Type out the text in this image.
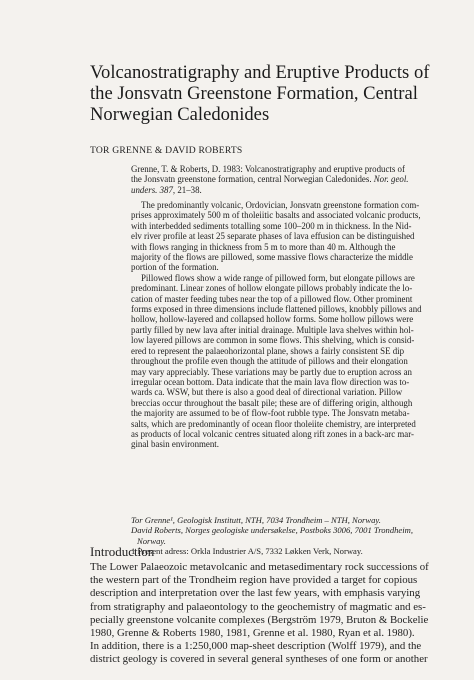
Volcanostratigraphy and Eruptive Products of
the Jonsvatn Greenstone Formation, Central
Norwegian Caledonides
TOR GRENNE & DAVID ROBERTS
Grenne, T. & Roberts, D. 1983: Volcanostratigraphy and eruptive products of
the Jonsvatn greenstone formation, central Norwegian Caledonides. Nor. geol.
unders. 387, 21–38.
The predominantly volcanic, Ordovician, Jonsvatn greenstone formation com-
prises approximately 500 m of tholeiitic basalts and associated volcanic products,
with interbedded sediments totalling some 100–200 m in thickness. In the Nid-
elv river profile at least 25 separate phases of lava effusion can be distinguished
with flows ranging in thickness from 5 m to more than 40 m. Although the
majority of the flows are pillowed, some massive flows characterize the middle
portion of the formation.
Pillowed flows show a wide range of pillowed form, but elongate pillows are
predominant. Linear zones of hollow elongate pillows probably indicate the lo-
cation of master feeding tubes near the top of a pillowed flow. Other prominent
forms exposed in three dimensions include flattened pillows, knobbly pillows and
hollow, hollow-layered and collapsed hollow forms. Some hollow pillows were
partly filled by new lava after initial drainage. Multiple lava shelves within hol-
low layered pillows are common in some flows. This shelving, which is consid-
ered to represent the palaeohorizontal plane, shows a fairly consistent SE dip
throughout the profile even though the attitude of pillows and their elongation
may vary appreciably. These variations may be partly due to eruption across an
irregular ocean bottom. Data indicate that the main lava flow direction was to-
wards ca. WSW, but there is also a good deal of directional variation. Pillow
breccias occur throughout the basalt pile; these are of differing origin, although
the majority are assumed to be of flow-foot rubble type. The Jonsvatn metaba-
salts, which are predominantly of ocean floor tholeiite chemistry, are interpreted
as products of local volcanic centres situated along rift zones in a back-arc mar-
ginal basin environment.
Tor Grenne¹, Geologisk Institutt, NTH, 7034 Trondheim – NTH, Norway.
David Roberts, Norges geologiske undersøkelse, Postboks 3006, 7001 Trondheim,
Norway.
1 Present adress: Orkla Industrier A/S, 7332 Løkken Verk, Norway.
Introduction
The Lower Palaeozoic metavolcanic and metasedimentary rock successions of
the western part of the Trondheim region have provided a target for copious
description and interpretation over the last few years, with emphasis varying
from stratigraphy and palaeontology to the geochemistry of magmatic and es-
pecially greenstone volcanite complexes (Bergström 1979, Bruton & Bockelie
1980, Grenne & Roberts 1980, 1981, Grenne et al. 1980, Ryan et al. 1980).
In addition, there is a 1:250,000 map-sheet description (Wolff 1979), and the
district geology is covered in several general syntheses of one form or another
